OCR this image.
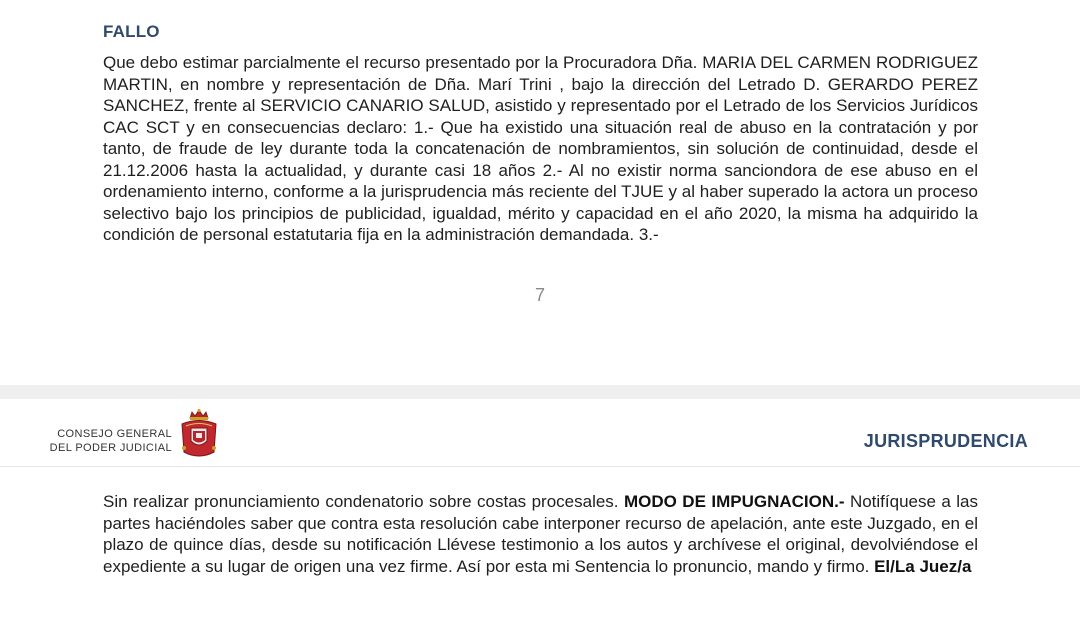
FALLO
Que debo estimar parcialmente el recurso presentado por la Procuradora Dña. MARIA DEL CARMEN RODRIGUEZ MARTIN, en nombre y representación de Dña. Marí Trini , bajo la dirección del Letrado D. GERARDO PEREZ SANCHEZ, frente al SERVICIO CANARIO SALUD, asistido y representado por el Letrado de los Servicios Jurídicos CAC SCT y en consecuencias declaro: 1.- Que ha existido una situación real de abuso en la contratación y por tanto, de fraude de ley durante toda la concatenación de nombramientos, sin solución de continuidad, desde el 21.12.2006 hasta la actualidad, y durante casi 18 años 2.- Al no existir norma sanciondora de ese abuso en el ordenamiento interno, conforme a la jurisprudencia más reciente del TJUE y al haber superado la actora un proceso selectivo bajo los principios de publicidad, igualdad, mérito y capacidad en el año 2020, la misma ha adquirido la condición de personal estatutaria fija en la administración demandada. 3.-
7
CONSEJO GENERAL
DEL PODER JUDICIAL	JURISPRUDENCIA
Sin realizar pronunciamiento condenatorio sobre costas procesales. MODO DE IMPUGNACION.- Notifíquese a las partes haciéndoles saber que contra esta resolución cabe interponer recurso de apelación, ante este Juzgado, en el plazo de quince días, desde su notificación Llévese testimonio a los autos y archívese el original, devolviéndose el expediente a su lugar de origen una vez firme. Así por esta mi Sentencia lo pronuncio, mando y firmo. El/La Juez/a
